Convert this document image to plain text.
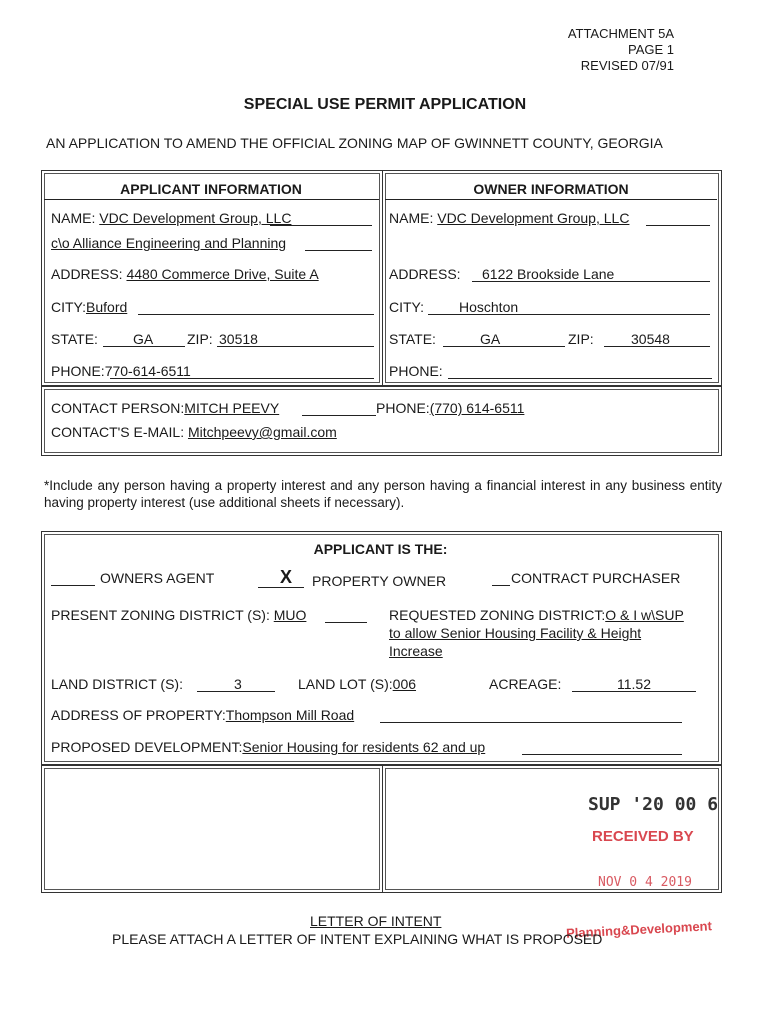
ATTACHMENT 5A
PAGE 1
REVISED 07/91
SPECIAL USE PERMIT APPLICATION
AN APPLICATION TO AMEND THE OFFICIAL ZONING MAP OF GWINNETT COUNTY, GEORGIA
APPLICANT INFORMATION	OWNER INFORMATION
NAME: VDC Development Group, LLC
c\o Alliance Engineering and Planning
ADDRESS: 4480 Commerce Drive, Suite A
CITY:Buford
STATE:	GA ZIP: 30518
PHONE:770-614-6511
NAME: VDC Development Group, LLC
ADDRESS: 6122 Brookside Lane
CITY: Hoschton
STATE:	GA	ZIP:	30548
PHONE:
CONTACT PERSON:MITCH PEEVY	PHONE:(770) 614-6511
CONTACT'S E-MAIL: Mitchpeevy@gmail.com
*Include any person having a property interest and any person having a financial interest in any business entity having property interest (use additional sheets if necessary).
APPLICANT IS THE:
OWNERS AGENT	X PROPERTY OWNER	CONTRACT PURCHASER
PRESENT ZONING DISTRICT (S): MUO	REQUESTED ZONING DISTRICT:O & I w\SUP
to allow Senior Housing Facility & Height
Increase
LAND DISTRICT (S):	3	LAND LOT (S):006	ACREAGE:	11.52
ADDRESS OF PROPERTY:Thompson Mill Road
PROPOSED DEVELOPMENT:Senior Housing for residents 62 and up
SUP '20 00 6
RECEIVED BY
NOV 0 4 2019
Planning&Development
LETTER OF INTENT
PLEASE ATTACH A LETTER OF INTENT EXPLAINING WHAT IS PROPOSED
